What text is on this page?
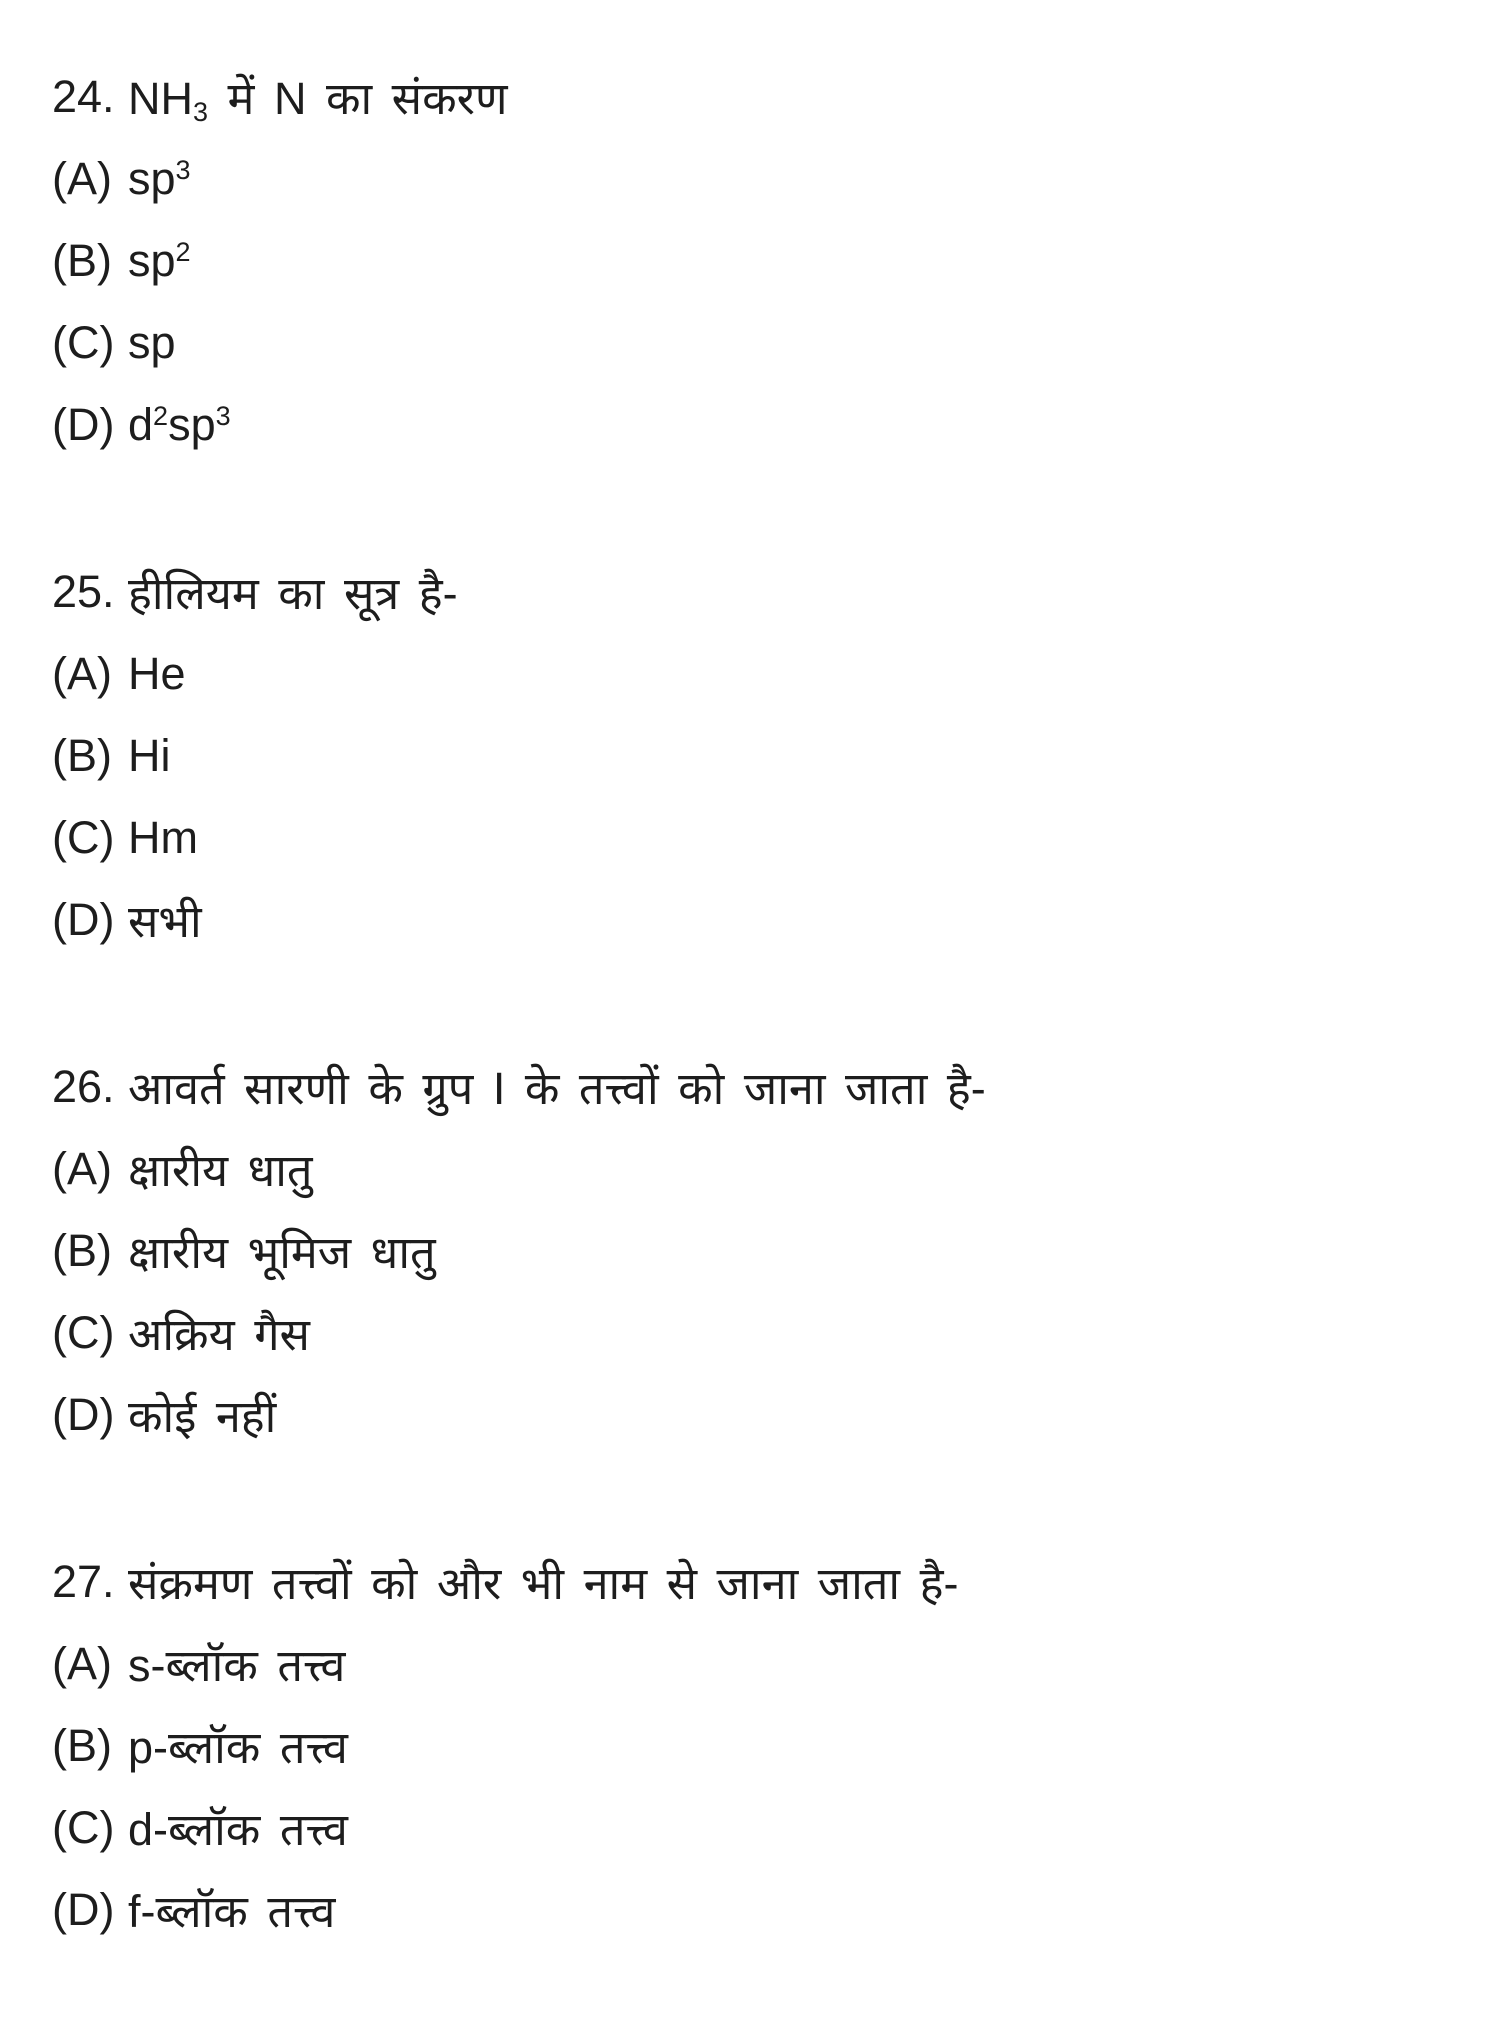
24. $NH_3$ में N का संकरण
(A) $sp^3$
(B) $sp^2$
(C) sp
(D) $d^2sp^3$
25. हीलियम का सूत्र है-
(A) He
(B) Hi
(C) Hm
(D) सभी
26. आवर्त सारणी के ग्रुप I के तत्त्वों को जाना जाता है-
(A) क्षारीय धातु
(B) क्षारीय भूमिज धातु
(C) अक्रिय गैस
(D) कोई नहीं
27. संक्रमण तत्त्वों को और भी नाम से जाना जाता है-
(A) s-ब्लॉक तत्त्व
(B) p-ब्लॉक तत्त्व
(C) d-ब्लॉक तत्त्व
(D) f-ब्लॉक तत्त्व
